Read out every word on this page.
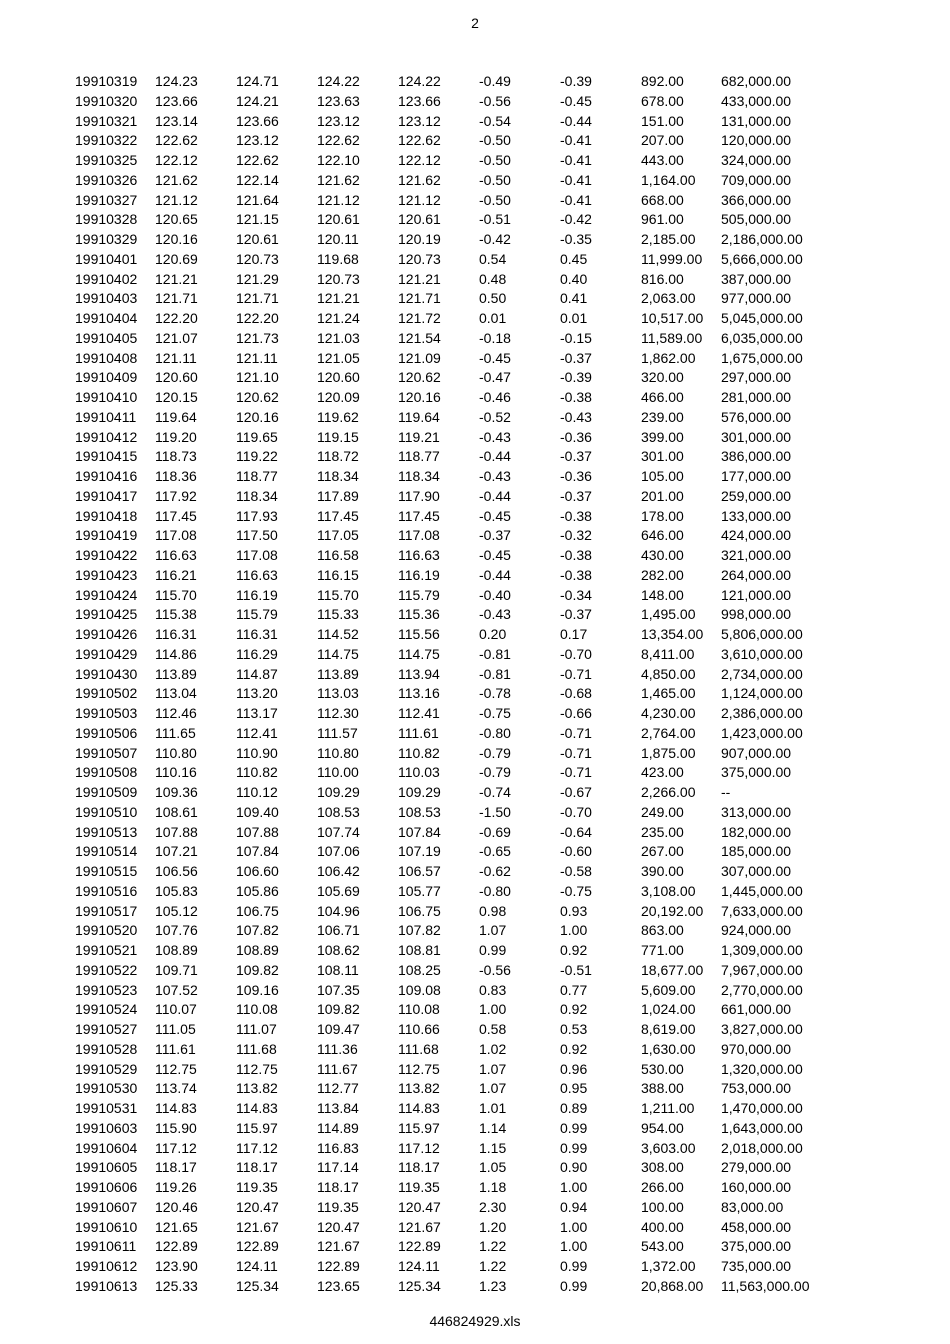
2
19910319	124.23	124.71	124.22	124.22	-0.49	-0.39	892.00	682,000.00
19910320	123.66	124.21	123.63	123.66	-0.56	-0.45	678.00	433,000.00
19910321	123.14	123.66	123.12	123.12	-0.54	-0.44	151.00	131,000.00
19910322	122.62	123.12	122.62	122.62	-0.50	-0.41	207.00	120,000.00
19910325	122.12	122.62	122.10	122.12	-0.50	-0.41	443.00	324,000.00
19910326	121.62	122.14	121.62	121.62	-0.50	-0.41	1,164.00	709,000.00
19910327	121.12	121.64	121.12	121.12	-0.50	-0.41	668.00	366,000.00
19910328	120.65	121.15	120.61	120.61	-0.51	-0.42	961.00	505,000.00
19910329	120.16	120.61	120.11	120.19	-0.42	-0.35	2,185.00	2,186,000.00
19910401	120.69	120.73	119.68	120.73	0.54	0.45	11,999.00	5,666,000.00
19910402	121.21	121.29	120.73	121.21	0.48	0.40	816.00	387,000.00
19910403	121.71	121.71	121.21	121.71	0.50	0.41	2,063.00	977,000.00
19910404	122.20	122.20	121.24	121.72	0.01	0.01	10,517.00	5,045,000.00
19910405	121.07	121.73	121.03	121.54	-0.18	-0.15	11,589.00	6,035,000.00
19910408	121.11	121.11	121.05	121.09	-0.45	-0.37	1,862.00	1,675,000.00
19910409	120.60	121.10	120.60	120.62	-0.47	-0.39	320.00	297,000.00
19910410	120.15	120.62	120.09	120.16	-0.46	-0.38	466.00	281,000.00
19910411	119.64	120.16	119.62	119.64	-0.52	-0.43	239.00	576,000.00
19910412	119.20	119.65	119.15	119.21	-0.43	-0.36	399.00	301,000.00
19910415	118.73	119.22	118.72	118.77	-0.44	-0.37	301.00	386,000.00
19910416	118.36	118.77	118.34	118.34	-0.43	-0.36	105.00	177,000.00
19910417	117.92	118.34	117.89	117.90	-0.44	-0.37	201.00	259,000.00
19910418	117.45	117.93	117.45	117.45	-0.45	-0.38	178.00	133,000.00
19910419	117.08	117.50	117.05	117.08	-0.37	-0.32	646.00	424,000.00
19910422	116.63	117.08	116.58	116.63	-0.45	-0.38	430.00	321,000.00
19910423	116.21	116.63	116.15	116.19	-0.44	-0.38	282.00	264,000.00
19910424	115.70	116.19	115.70	115.79	-0.40	-0.34	148.00	121,000.00
19910425	115.38	115.79	115.33	115.36	-0.43	-0.37	1,495.00	998,000.00
19910426	116.31	116.31	114.52	115.56	0.20	0.17	13,354.00	5,806,000.00
19910429	114.86	116.29	114.75	114.75	-0.81	-0.70	8,411.00	3,610,000.00
19910430	113.89	114.87	113.89	113.94	-0.81	-0.71	4,850.00	2,734,000.00
19910502	113.04	113.20	113.03	113.16	-0.78	-0.68	1,465.00	1,124,000.00
19910503	112.46	113.17	112.30	112.41	-0.75	-0.66	4,230.00	2,386,000.00
19910506	111.65	112.41	111.57	111.61	-0.80	-0.71	2,764.00	1,423,000.00
19910507	110.80	110.90	110.80	110.82	-0.79	-0.71	1,875.00	907,000.00
19910508	110.16	110.82	110.00	110.03	-0.79	-0.71	423.00	375,000.00
19910509	109.36	110.12	109.29	109.29	-0.74	-0.67	2,266.00	--
19910510	108.61	109.40	108.53	108.53	-1.50	-0.70	249.00	313,000.00
19910513	107.88	107.88	107.74	107.84	-0.69	-0.64	235.00	182,000.00
19910514	107.21	107.84	107.06	107.19	-0.65	-0.60	267.00	185,000.00
19910515	106.56	106.60	106.42	106.57	-0.62	-0.58	390.00	307,000.00
19910516	105.83	105.86	105.69	105.77	-0.80	-0.75	3,108.00	1,445,000.00
19910517	105.12	106.75	104.96	106.75	0.98	0.93	20,192.00	7,633,000.00
19910520	107.76	107.82	106.71	107.82	1.07	1.00	863.00	924,000.00
19910521	108.89	108.89	108.62	108.81	0.99	0.92	771.00	1,309,000.00
19910522	109.71	109.82	108.11	108.25	-0.56	-0.51	18,677.00	7,967,000.00
19910523	107.52	109.16	107.35	109.08	0.83	0.77	5,609.00	2,770,000.00
19910524	110.07	110.08	109.82	110.08	1.00	0.92	1,024.00	661,000.00
19910527	111.05	111.07	109.47	110.66	0.58	0.53	8,619.00	3,827,000.00
19910528	111.61	111.68	111.36	111.68	1.02	0.92	1,630.00	970,000.00
19910529	112.75	112.75	111.67	112.75	1.07	0.96	530.00	1,320,000.00
19910530	113.74	113.82	112.77	113.82	1.07	0.95	388.00	753,000.00
19910531	114.83	114.83	113.84	114.83	1.01	0.89	1,211.00	1,470,000.00
19910603	115.90	115.97	114.89	115.97	1.14	0.99	954.00	1,643,000.00
19910604	117.12	117.12	116.83	117.12	1.15	0.99	3,603.00	2,018,000.00
19910605	118.17	118.17	117.14	118.17	1.05	0.90	308.00	279,000.00
19910606	119.26	119.35	118.17	119.35	1.18	1.00	266.00	160,000.00
19910607	120.46	120.47	119.35	120.47	2.30	0.94	100.00	83,000.00
19910610	121.65	121.67	120.47	121.67	1.20	1.00	400.00	458,000.00
19910611	122.89	122.89	121.67	122.89	1.22	1.00	543.00	375,000.00
19910612	123.90	124.11	122.89	124.11	1.22	0.99	1,372.00	735,000.00
19910613	125.33	125.34	123.65	125.34	1.23	0.99	20,868.00	11,563,000.00
446824929.xls
